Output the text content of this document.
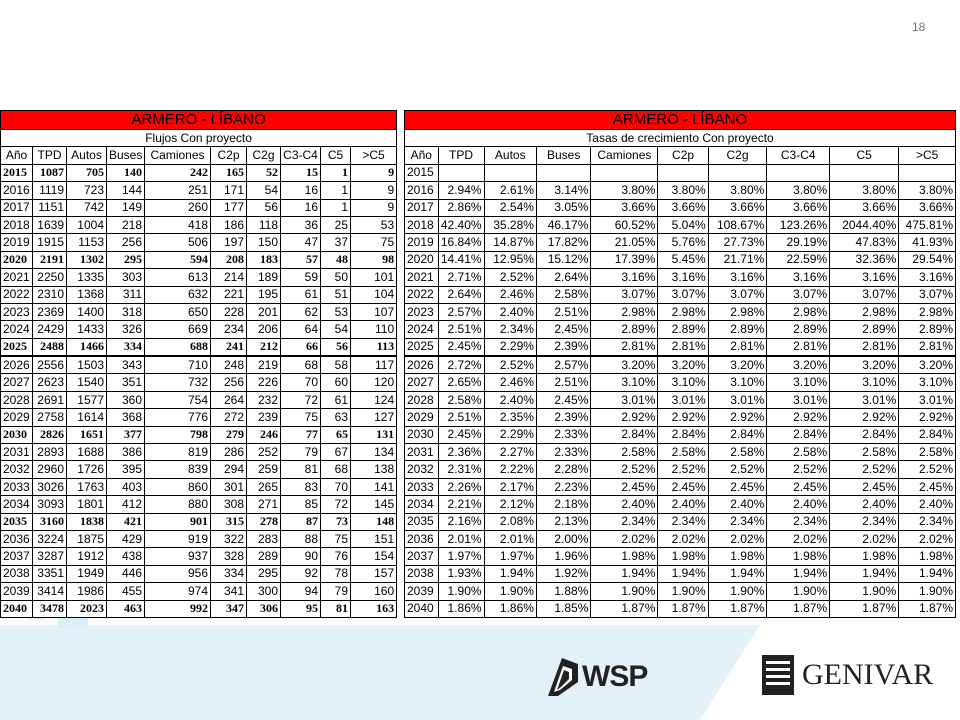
18
ARMERO - LÍBANO									
Flujos Con proyecto									
Año	TPD	Autos	Buses	Camiones	C2p	C2g	C3-C4	C5	>C5
2015	1087	705	140	242	165	52	15	1	9
2016	1119	723	144	251	171	54	16	1	9
2017	1151	742	149	260	177	56	16	1	9
2018	1639	1004	218	418	186	118	36	25	53
2019	1915	1153	256	506	197	150	47	37	75
2020	2191	1302	295	594	208	183	57	48	98
2021	2250	1335	303	613	214	189	59	50	101
2022	2310	1368	311	632	221	195	61	51	104
2023	2369	1400	318	650	228	201	62	53	107
2024	2429	1433	326	669	234	206	64	54	110
2025	2488	1466	334	688	241	212	66	56	113
2026	2556	1503	343	710	248	219	68	58	117
2027	2623	1540	351	732	256	226	70	60	120
2028	2691	1577	360	754	264	232	72	61	124
2029	2758	1614	368	776	272	239	75	63	127
2030	2826	1651	377	798	279	246	77	65	131
2031	2893	1688	386	819	286	252	79	67	134
2032	2960	1726	395	839	294	259	81	68	138
2033	3026	1763	403	860	301	265	83	70	141
2034	3093	1801	412	880	308	271	85	72	145
2035	3160	1838	421	901	315	278	87	73	148
2036	3224	1875	429	919	322	283	88	75	151
2037	3287	1912	438	937	328	289	90	76	154
2038	3351	1949	446	956	334	295	92	78	157
2039	3414	1986	455	974	341	300	94	79	160
2040	3478	2023	463	992	347	306	95	81	163
ARMERO - LÍBANO									
Tasas de crecimiento Con proyecto									
Año	TPD	Autos	Buses	Camiones	C2p	C2g	C3-C4	C5	>C5
2015									
2016	2.94%	2.61%	3.14%	3.80%	3.80%	3.80%	3.80%	3.80%	3.80%
2017	2.86%	2.54%	3.05%	3.66%	3.66%	3.66%	3.66%	3.66%	3.66%
2018	42.40%	35.28%	46.17%	60.52%	5.04%	108.67%	123.26%	2044.40%	475.81%
2019	16.84%	14.87%	17.82%	21.05%	5.76%	27.73%	29.19%	47.83%	41.93%
2020	14.41%	12.95%	15.12%	17.39%	5.45%	21.71%	22.59%	32.36%	29.54%
2021	2.71%	2.52%	2.64%	3.16%	3.16%	3.16%	3.16%	3.16%	3.16%
2022	2.64%	2.46%	2.58%	3.07%	3.07%	3.07%	3.07%	3.07%	3.07%
2023	2.57%	2.40%	2.51%	2.98%	2.98%	2.98%	2.98%	2.98%	2.98%
2024	2.51%	2.34%	2.45%	2.89%	2.89%	2.89%	2.89%	2.89%	2.89%
2025	2.45%	2.29%	2.39%	2.81%	2.81%	2.81%	2.81%	2.81%	2.81%
2026	2.72%	2.52%	2.57%	3.20%	3.20%	3.20%	3.20%	3.20%	3.20%
2027	2.65%	2.46%	2.51%	3.10%	3.10%	3.10%	3.10%	3.10%	3.10%
2028	2.58%	2.40%	2.45%	3.01%	3.01%	3.01%	3.01%	3.01%	3.01%
2029	2.51%	2.35%	2.39%	2.92%	2.92%	2.92%	2.92%	2.92%	2.92%
2030	2.45%	2.29%	2.33%	2.84%	2.84%	2.84%	2.84%	2.84%	2.84%
2031	2.36%	2.27%	2.33%	2.58%	2.58%	2.58%	2.58%	2.58%	2.58%
2032	2.31%	2.22%	2.28%	2.52%	2.52%	2.52%	2.52%	2.52%	2.52%
2033	2.26%	2.17%	2.23%	2.45%	2.45%	2.45%	2.45%	2.45%	2.45%
2034	2.21%	2.12%	2.18%	2.40%	2.40%	2.40%	2.40%	2.40%	2.40%
2035	2.16%	2.08%	2.13%	2.34%	2.34%	2.34%	2.34%	2.34%	2.34%
2036	2.01%	2.01%	2.00%	2.02%	2.02%	2.02%	2.02%	2.02%	2.02%
2037	1.97%	1.97%	1.96%	1.98%	1.98%	1.98%	1.98%	1.98%	1.98%
2038	1.93%	1.94%	1.92%	1.94%	1.94%	1.94%	1.94%	1.94%	1.94%
2039	1.90%	1.90%	1.88%	1.90%	1.90%	1.90%	1.90%	1.90%	1.90%
2040	1.86%	1.86%	1.85%	1.87%	1.87%	1.87%	1.87%	1.87%	1.87%
WSP	GENIVAR
